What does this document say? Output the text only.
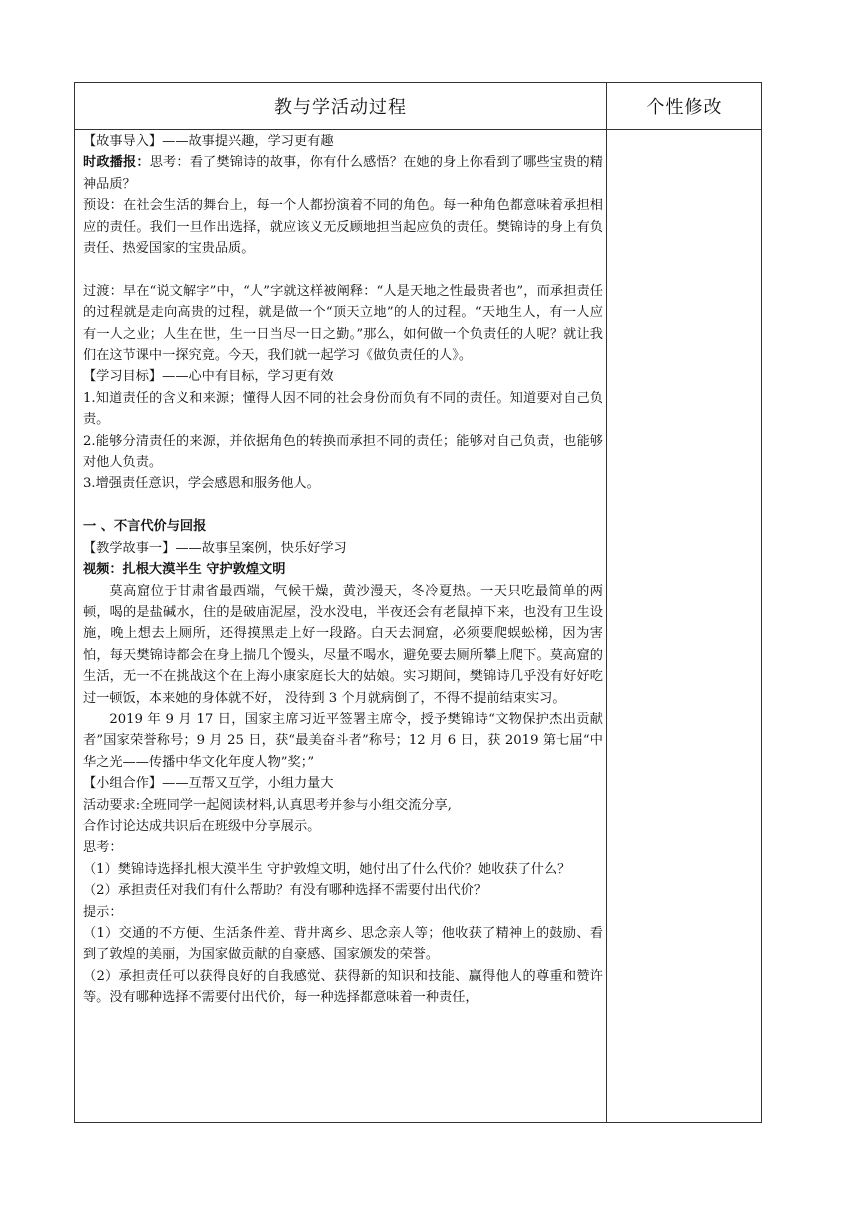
教与学活动过程	个性修改

【故事导入】——故事提兴趣，学习更有趣

时政播报：思考：看了樊锦诗的故事，你有什么感悟？在她的身上你看到了哪些宝贵的精神品质？

预设：在社会生活的舞台上，每一个人都扮演着不同的角色。每一种角色都意味着承担相应的责任。我们一旦作出选择，就应该义无反顾地担当起应负的责任。樊锦诗的身上有负责任、热爱国家的宝贵品质。

过渡：早在“说文解字”中，“人”字就这样被阐释：“人是天地之性最贵者也”，而承担责任的过程就是走向高贵的过程，就是做一个“顶天立地”的人的过程。“天地生人，有一人应有一人之业；人生在世，生一日当尽一日之勤。”那么，如何做一个负责任的人呢？就让我们在这节课中一探究竟。今天，我们就一起学习《做负责任的人》。

【学习目标】——心中有目标，学习更有效

1.知道责任的含义和来源；懂得人因不同的社会身份而负有不同的责任。知道要对自己负责。

2.能够分清责任的来源，并依据角色的转换而承担不同的责任；能够对自己负责，也能够对他人负责。

3.增强责任意识，学会感恩和服务他人。

一 、不言代价与回报

【教学故事一】——故事呈案例，快乐好学习

视频：扎根大漠半生 守护敦煌文明

莫高窟位于甘肃省最西端，气候干燥，黄沙漫天，冬冷夏热。一天只吃最简单的两顿，喝的是盐碱水，住的是破庙泥屋，没水没电，半夜还会有老鼠掉下来，也没有卫生设施，晚上想去上厕所，还得摸黑走上好一段路。白天去洞窟，必须要爬蜈蚣梯，因为害怕，每天樊锦诗都会在身上揣几个馒头，尽量不喝水，避免要去厕所攀上爬下。莫高窟的生活，无一不在挑战这个在上海小康家庭长大的姑娘。实习期间，樊锦诗几乎没有好好吃过一顿饭，本来她的身体就不好， 没待到 3 个月就病倒了，不得不提前结束实习。

2019 年 9 月 17 日，国家主席习近平签署主席令，授予樊锦诗“文物保护杰出贡献者”国家荣誉称号；9 月 25 日，获“最美奋斗者”称号；12 月 6 日，获 2019 第七届“中华之光——传播中华文化年度人物”奖；”

【小组合作】——互帮又互学，小组力量大

活动要求:全班同学一起阅读材料,认真思考并参与小组交流分享,

合作讨论达成共识后在班级中分享展示。

思考：

（1）樊锦诗选择扎根大漠半生 守护敦煌文明，她付出了什么代价？她收获了什么？

（2）承担责任对我们有什么帮助？有没有哪种选择不需要付出代价？

提示：

（1）交通的不方便、生活条件差、背井离乡、思念亲人等；他收获了精神上的鼓励、看到了敦煌的美丽，为国家做贡献的自豪感、国家颁发的荣誉。

（2）承担责任可以获得良好的自我感觉、获得新的知识和技能、赢得他人的尊重和赞许等。没有哪种选择不需要付出代价，每一种选择都意味着一种责任，
